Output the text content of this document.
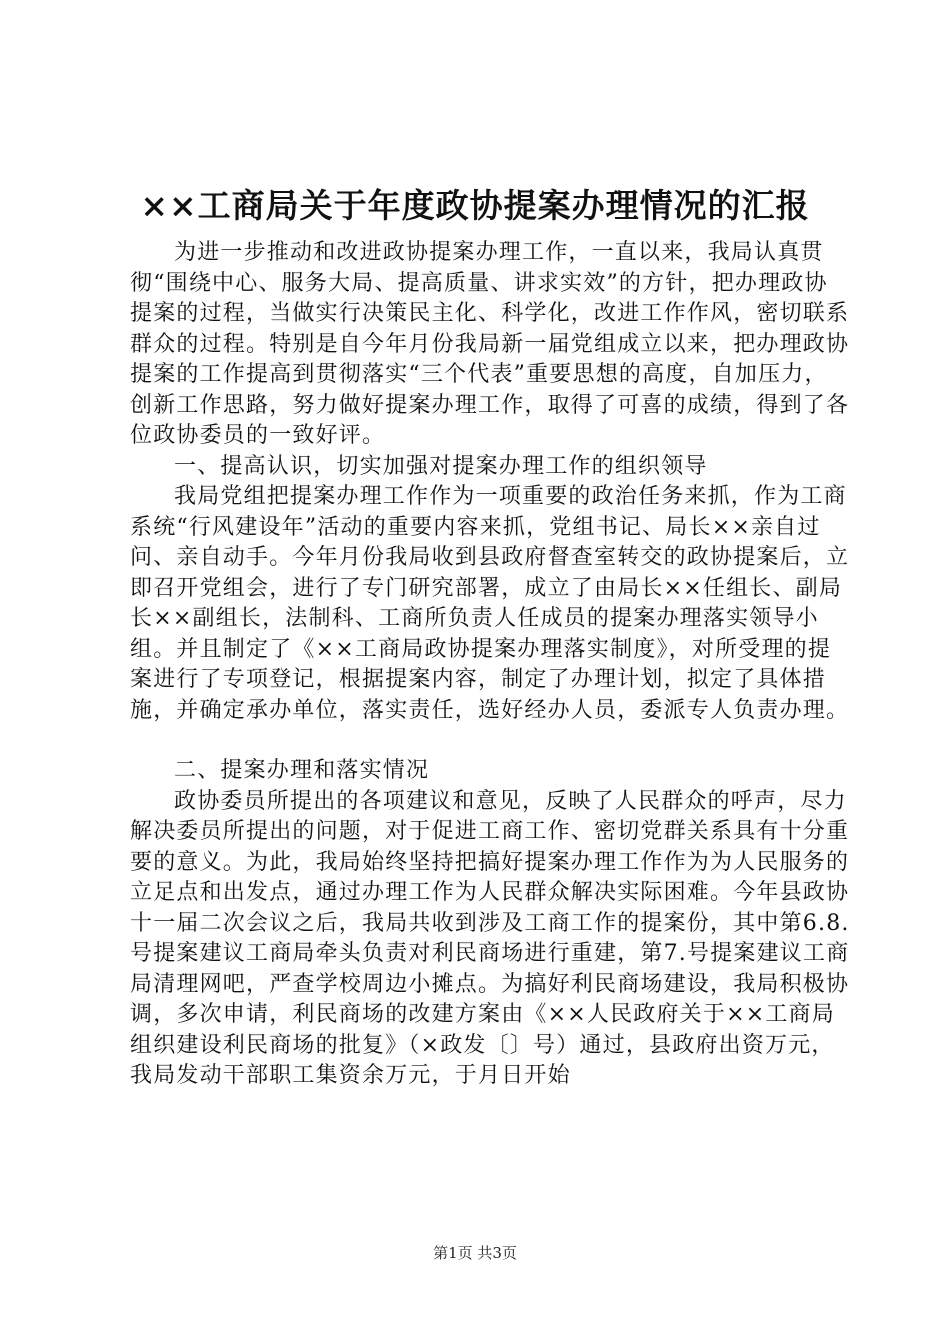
××工商局关于年度政协提案办理情况的汇报

为进一步推动和改进政协提案办理工作，一直以来，我局认真贯彻“围绕中心、服务大局、提高质量、讲求实效”的方针，把办理政协提案的过程，当做实行决策民主化、科学化，改进工作作风，密切联系群众的过程。特别是自今年月份我局新一届党组成立以来，把办理政协提案的工作提高到贯彻落实“三个代表”重要思想的高度，自加压力，创新工作思路，努力做好提案办理工作，取得了可喜的成绩，得到了各位政协委员的一致好评。

一、提高认识，切实加强对提案办理工作的组织领导

我局党组把提案办理工作作为一项重要的政治任务来抓，作为工商系统“行风建设年”活动的重要内容来抓，党组书记、局长××亲自过问、亲自动手。今年月份我局收到县政府督查室转交的政协提案后，立即召开党组会，进行了专门研究部署，成立了由局长××任组长、副局长××副组长，法制科、工商所负责人任成员的提案办理落实领导小组。并且制定了《××工商局政协提案办理落实制度》，对所受理的提案进行了专项登记，根据提案内容，制定了办理计划，拟定了具体措施，并确定承办单位，落实责任，选好经办人员，委派专人负责办理。

二、提案办理和落实情况

政协委员所提出的各项建议和意见，反映了人民群众的呼声，尽力解决委员所提出的问题，对于促进工商工作、密切党群关系具有十分重要的意义。为此，我局始终坚持把搞好提案办理工作作为为人民服务的立足点和出发点，通过办理工作为人民群众解决实际困难。今年县政协十一届二次会议之后，我局共收到涉及工商工作的提案份，其中第6.8.号提案建议工商局牵头负责对利民商场进行重建，第7.号提案建议工商局清理网吧，严查学校周边小摊点。为搞好利民商场建设，我局积极协调，多次申请，利民商场的改建方案由《××人民政府关于××工商局组织建设利民商场的批复》（×政发〔〕号）通过，县政府出资万元，我局发动干部职工集资余万元，于月日开始

第1页 共3页
